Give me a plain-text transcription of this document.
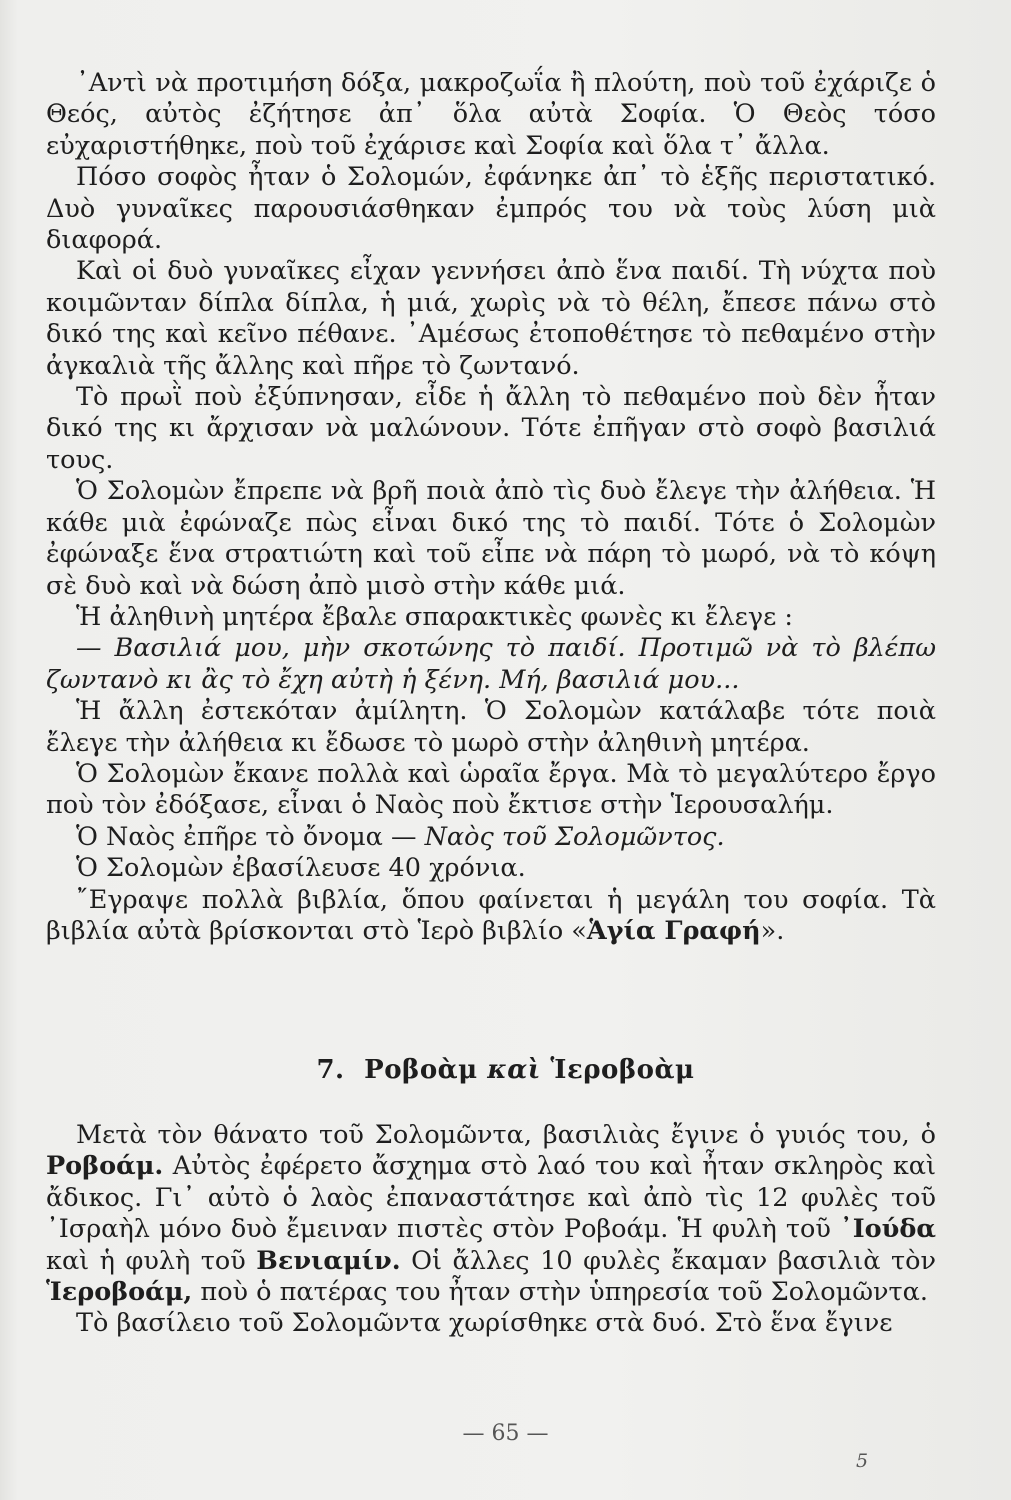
᾿Αντὶ νὰ προτιμήση δόξα, μακροζωΐα ἢ πλούτη, ποὺ τοῦ ἐχάριζε ὁ Θεός, αὐτὸς ἐζήτησε ἀπ᾿ ὅλα αὐτὰ Σοφία. Ὁ Θεὸς τόσο εὐχαριστήθηκε, ποὺ τοῦ ἐχάρισε καὶ Σοφία καὶ ὅλα τ᾿ ἄλλα.

Πόσο σοφὸς ἦταν ὁ Σολομών, ἐφάνηκε ἀπ᾿ τὸ ἑξῆς περιστατικό. Δυὸ γυναῖκες παρουσιάσθηκαν ἐμπρός του νὰ τοὺς λύση μιὰ διαφορά.

Καὶ οἱ δυὸ γυναῖκες εἶχαν γεννήσει ἀπὸ ἕνα παιδί. Τὴ νύχτα ποὺ κοιμῶνταν δίπλα δίπλα, ἡ μιά, χωρὶς νὰ τὸ θέλη, ἔπεσε πάνω στὸ δικό της καὶ κεῖνο πέθανε. ᾿Αμέσως ἐτοποθέτησε τὸ πεθαμένο στὴν ἀγκαλιὰ τῆς ἄλλης καὶ πῆρε τὸ ζωντανό.

Τὸ πρωῒ ποὺ ἐξύπνησαν, εἶδε ἡ ἄλλη τὸ πεθαμένο ποὺ δὲν ἦταν δικό της κι ἄρχισαν νὰ μαλώνουν. Τότε ἐπῆγαν στὸ σοφὸ βασιλιά τους.

Ὁ Σολομὼν ἔπρεπε νὰ βρῆ ποιὰ ἀπὸ τὶς δυὸ ἔλεγε τὴν ἀλήθεια. Ἡ κάθε μιὰ ἐφώναζε πὼς εἶναι δικό της τὸ παιδί. Τότε ὁ Σολομὼν ἐφώναξε ἕνα στρατιώτη καὶ τοῦ εἶπε νὰ πάρη τὸ μωρό, νὰ τὸ κόψη σὲ δυὸ καὶ νὰ δώση ἀπὸ μισὸ στὴν κάθε μιά.

Ἡ ἀληθινὴ μητέρα ἔβαλε σπαρακτικὲς φωνὲς κι ἔλεγε :

— Βασιλιά μου, μὴν σκοτώνης τὸ παιδί. Προτιμῶ νὰ τὸ βλέπω ζωντανὸ κι ἂς τὸ ἔχη αὐτὴ ἡ ξένη. Μή, βασιλιά μου...

Ἡ ἄλλη ἐστεκόταν ἀμίλητη. Ὁ Σολομὼν κατάλαβε τότε ποιὰ ἔλεγε τὴν ἀλήθεια κι ἔδωσε τὸ μωρὸ στὴν ἀληθινὴ μητέρα.

Ὁ Σολομὼν ἔκανε πολλὰ καὶ ὡραῖα ἔργα. Μὰ τὸ μεγαλύτερο ἔργο ποὺ τὸν ἐδόξασε, εἶναι ὁ Ναὸς ποὺ ἔκτισε στὴν Ἱερουσαλήμ.

Ὁ Ναὸς ἐπῆρε τὸ ὄνομα — Ναὸς τοῦ Σολομῶντος.

Ὁ Σολομὼν ἐβασίλευσε 40 χρόνια.

῎Εγραψε πολλὰ βιβλία, ὅπου φαίνεται ἡ μεγάλη του σοφία. Τὰ βιβλία αὐτὰ βρίσκονται στὸ Ἱερὸ βιβλίο «Ἁγία Γραφή».

7. Ροβοὰμ καὶ Ἱεροβοὰμ

Μετὰ τὸν θάνατο τοῦ Σολομῶντα, βασιλιὰς ἔγινε ὁ γυιός του, ὁ Ροβοάμ. Αὐτὸς ἐφέρετο ἄσχημα στὸ λαό του καὶ ἦταν σκληρὸς καὶ ἄδικος. Γι᾿ αὐτὸ ὁ λαὸς ἐπαναστάτησε καὶ ἀπὸ τὶς 12 φυλὲς τοῦ ᾿Ισραὴλ μόνο δυὸ ἔμειναν πιστὲς στὸν Ροβοάμ. Ἡ φυλὴ τοῦ ᾿Ιούδα καὶ ἡ φυλὴ τοῦ Βενιαμίν. Οἱ ἄλλες 10 φυλὲς ἔκαμαν βασιλιὰ τὸν Ἱεροβοάμ, ποὺ ὁ πατέρας του ἦταν στὴν ὑπηρεσία τοῦ Σολομῶντα.

Τὸ βασίλειο τοῦ Σολομῶντα χωρίσθηκε στὰ δυό. Στὸ ἕνα ἔγινε

— 65 —
5
